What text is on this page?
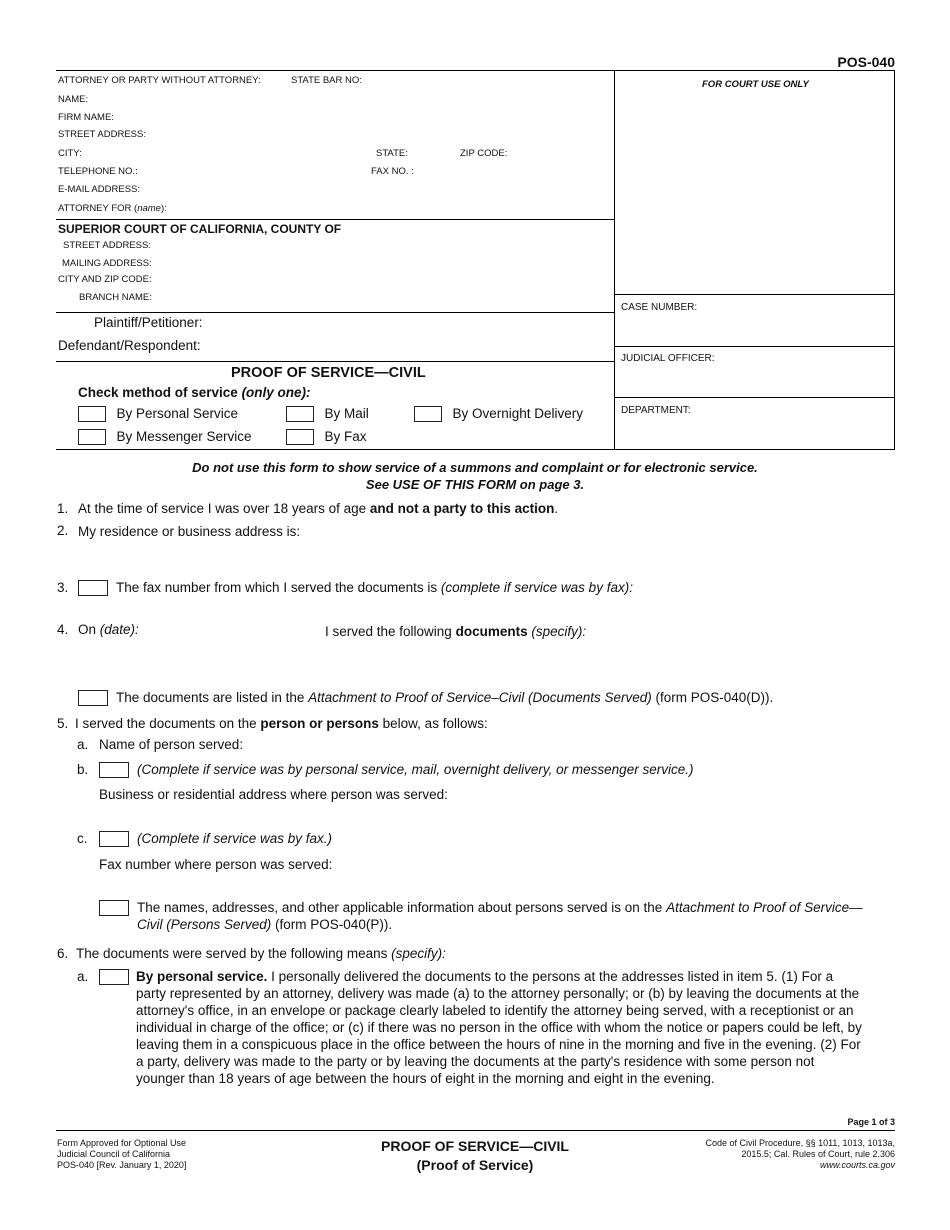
POS-040
ATTORNEY OR PARTY WITHOUT ATTORNEY:	STATE BAR NO:
NAME:
FIRM NAME:
STREET ADDRESS:
CITY:	STATE:	ZIP CODE:
TELEPHONE NO.:	FAX NO. :
E-MAIL ADDRESS:
ATTORNEY FOR (name):
SUPERIOR COURT OF CALIFORNIA, COUNTY OF
STREET ADDRESS:
MAILING ADDRESS:
CITY AND ZIP CODE:
BRANCH NAME:
Plaintiff/Petitioner:
Defendant/Respondent:
FOR COURT USE ONLY
CASE NUMBER:
JUDICIAL OFFICER:
DEPARTMENT:
PROOF OF SERVICE—CIVIL
Check method of service (only one):
By Personal Service	By Mail	By Overnight Delivery
By Messenger Service	By Fax
Do not use this form to show service of a summons and complaint or for electronic service.
See USE OF THIS FORM on page 3.
1. At the time of service I was over 18 years of age and not a party to this action.
2. My residence or business address is:
3.	The fax number from which I served the documents is (complete if service was by fax):
4. On (date):	I served the following documents (specify):
The documents are listed in the Attachment to Proof of Service–Civil (Documents Served) (form POS-040(D)).
5. I served the documents on the person or persons below, as follows:
a. Name of person served:
b.	(Complete if service was by personal service, mail, overnight delivery, or messenger service.)
Business or residential address where person was served:
c.	(Complete if service was by fax.)
Fax number where person was served:
The names, addresses, and other applicable information about persons served is on the Attachment to Proof of Service—
Civil (Persons Served) (form POS-040(P)).
6. The documents were served by the following means (specify):
a.	By personal service. I personally delivered the documents to the persons at the addresses listed in item 5. (1) For a
party represented by an attorney, delivery was made (a) to the attorney personally; or (b) by leaving the documents at the
attorney's office, in an envelope or package clearly labeled to identify the attorney being served, with a receptionist or an
individual in charge of the office; or (c) if there was no person in the office with whom the notice or papers could be left, by
leaving them in a conspicuous place in the office between the hours of nine in the morning and five in the evening. (2) For
a party, delivery was made to the party or by leaving the documents at the party's residence with some person not
younger than 18 years of age between the hours of eight in the morning and eight in the evening.
Page 1 of 3
Form Approved for Optional Use
Judicial Council of California
POS-040 [Rev. January 1, 2020]
PROOF OF SERVICE—CIVIL
(Proof of Service)
Code of Civil Procedure, §§ 1011, 1013, 1013a,
2015.5; Cal. Rules of Court, rule 2.306
www.courts.ca.gov
